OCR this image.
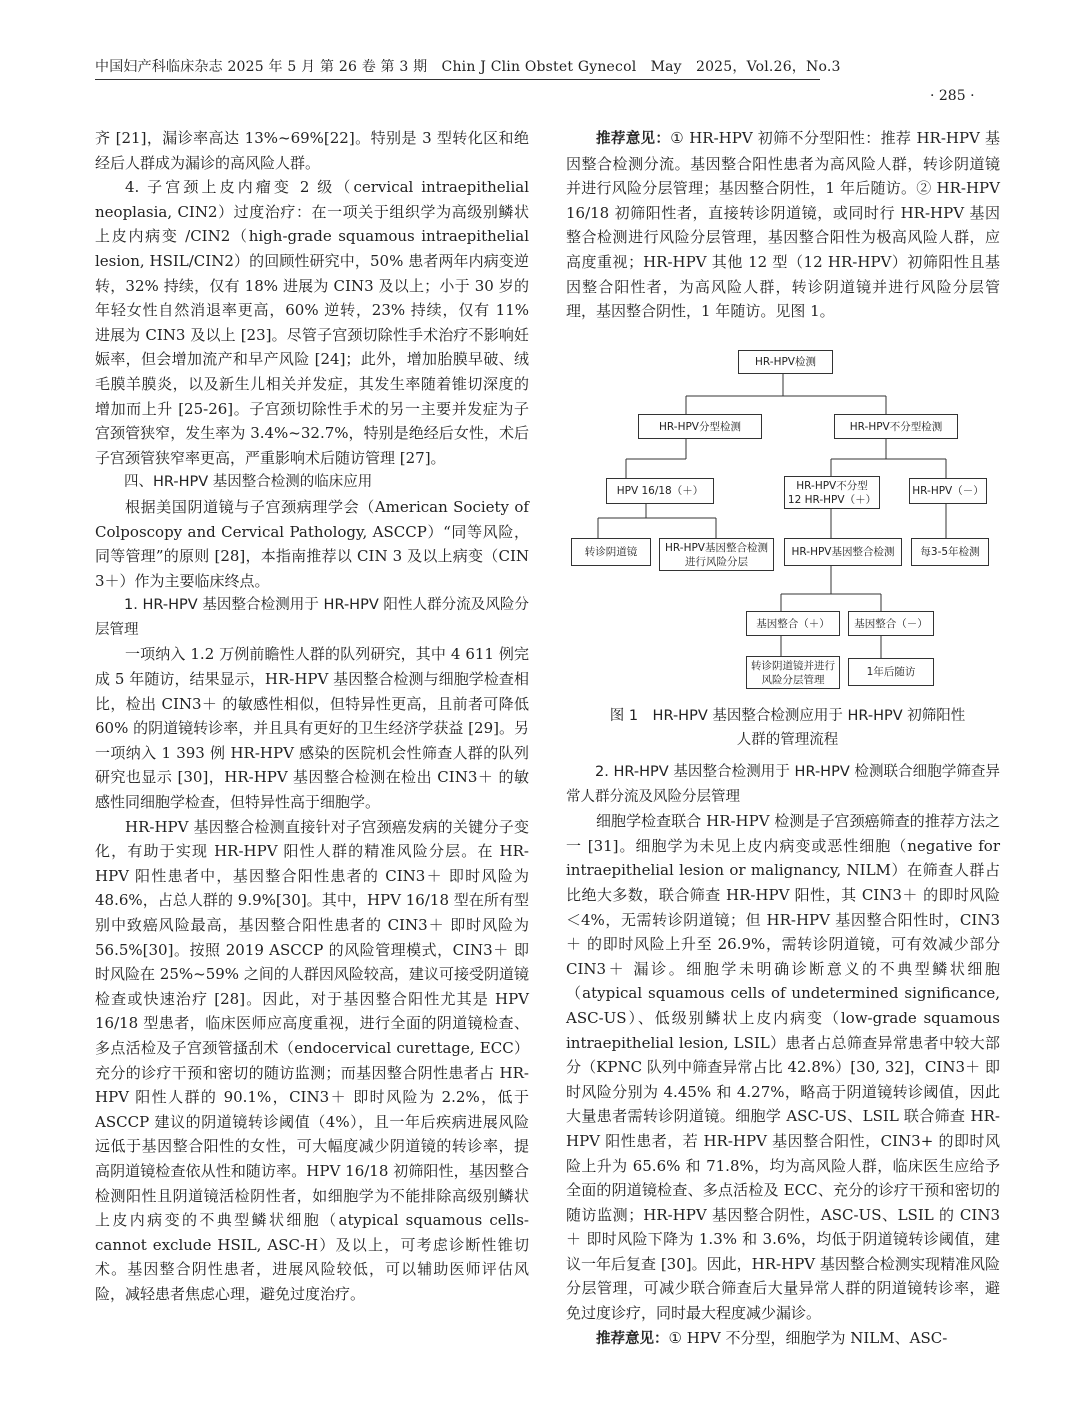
中国妇产科临床杂志 2025 年 5 月 第 26 卷 第 3 期　Chin J Clin Obstet Gynecol　May　2025，Vol.26，No.3
· 285 ·

齐 [21]，漏诊率高达 13%~69%[22]。特别是 3 型转化区和绝经后人群成为漏诊的高风险人群。

4. 子宫颈上皮内瘤变 2 级（cervical intraepithelial neoplasia, CIN2）过度治疗：在一项关于组织学为高级别鳞状上皮内病变 /CIN2（high-grade squamous intraepithelial lesion, HSIL/CIN2）的回顾性研究中，50% 患者两年内病变逆转，32% 持续，仅有 18% 进展为 CIN3 及以上；小于 30 岁的年轻女性自然消退率更高，60% 逆转，23% 持续，仅有 11% 进展为 CIN3 及以上 [23]。尽管子宫颈切除性手术治疗不影响妊娠率，但会增加流产和早产风险 [24]；此外，增加胎膜早破、绒毛膜羊膜炎，以及新生儿相关并发症，其发生率随着锥切深度的增加而上升 [25-26]。子宫颈切除性手术的另一主要并发症为子宫颈管狭窄，发生率为 3.4%~32.7%，特别是绝经后女性，术后子宫颈管狭窄率更高，严重影响术后随访管理 [27]。

四、HR-HPV 基因整合检测的临床应用

根据美国阴道镜与子宫颈病理学会（American Society of Colposcopy and Cervical Pathology, ASCCP）“同等风险，同等管理”的原则 [28]，本指南推荐以 CIN 3 及以上病变（CIN 3＋）作为主要临床终点。

1. HR-HPV 基因整合检测用于 HR-HPV 阳性人群分流及风险分层管理

一项纳入 1.2 万例前瞻性人群的队列研究，其中 4 611 例完成 5 年随访，结果显示，HR-HPV 基因整合检测与细胞学检查相比，检出 CIN3＋ 的敏感性相似，但特异性更高，且前者可降低 60% 的阴道镜转诊率，并且具有更好的卫生经济学获益 [29]。另一项纳入 1 393 例 HR-HPV 感染的医院机会性筛查人群的队列研究也显示 [30]，HR-HPV 基因整合检测在检出 CIN3＋ 的敏感性同细胞学检查，但特异性高于细胞学。

HR-HPV 基因整合检测直接针对子宫颈癌发病的关键分子变化，有助于实现 HR-HPV 阳性人群的精准风险分层。在 HR-HPV 阳性患者中，基因整合阳性患者的 CIN3＋ 即时风险为 48.6%，占总人群的 9.9%[30]。其中，HPV 16/18 型在所有型别中致癌风险最高，基因整合阳性患者的 CIN3＋ 即时风险为 56.5%[30]。按照 2019 ASCCP 的风险管理模式，CIN3＋ 即时风险在 25%~59% 之间的人群因风险较高，建议可接受阴道镜检查或快速治疗 [28]。因此，对于基因整合阳性尤其是 HPV 16/18 型患者，临床医师应高度重视，进行全面的阴道镜检查、多点活检及子宫颈管搔刮术（endocervical curettage, ECC）充分的诊疗干预和密切的随访监测；而基因整合阴性患者占 HR-HPV 阳性人群的 90.1%，CIN3＋ 即时风险为 2.2%，低于 ASCCP 建议的阴道镜转诊阈值（4%），且一年后疾病进展风险远低于基因整合阳性的女性，可大幅度减少阴道镜的转诊率，提高阴道镜检查依从性和随访率。HPV 16/18 初筛阳性，基因整合检测阳性且阴道镜活检阴性者，如细胞学为不能排除高级别鳞状上皮内病变的不典型鳞状细胞（atypical squamous cells-cannot exclude HSIL, ASC-H）及以上，可考虑诊断性锥切术。基因整合阴性患者，进展风险较低，可以辅助医师评估风险，减轻患者焦虑心理，避免过度治疗。

推荐意见：① HR-HPV 初筛不分型阳性：推荐 HR-HPV 基因整合检测分流。基因整合阳性患者为高风险人群，转诊阴道镜并进行风险分层管理；基因整合阴性，1 年后随访。② HR-HPV 16/18 初筛阳性者，直接转诊阴道镜，或同时行 HR-HPV 基因整合检测进行风险分层管理，基因整合阳性为极高风险人群，应高度重视；HR-HPV 其他 12 型（12 HR-HPV）初筛阳性且基因整合阳性者，为高风险人群，转诊阴道镜并进行风险分层管理，基因整合阴性，1 年随访。见图 1。

HR-HPV检测
HR-HPV分型检测	HR-HPV不分型检测
HPV 16/18（＋）	HR-HPV不分型
12 HR-HPV（＋）
HR-HPV（－）
转诊阴道镜	HR-HPV基因整合检测
进行风险分层
HR-HPV基因整合检测	每3-5年检测
基因整合（＋）	基因整合（－）
转诊阴道镜并进行
风险分层管理
1年后随访
图 1　HR-HPV 基因整合检测应用于 HR-HPV 初筛阳性
人群的管理流程

2. HR-HPV 基因整合检测用于 HR-HPV 检测联合细胞学筛查异常人群分流及风险分层管理

细胞学检查联合 HR-HPV 检测是子宫颈癌筛查的推荐方法之一 [31]。细胞学为未见上皮内病变或恶性细胞（negative for intraepithelial lesion or malignancy, NILM）在筛查人群占比绝大多数，联合筛查 HR-HPV 阳性，其 CIN3＋ 的即时风险＜4%，无需转诊阴道镜；但 HR-HPV 基因整合阳性时，CIN3＋ 的即时风险上升至 26.9%，需转诊阴道镜，可有效减少部分 CIN3＋ 漏诊。细胞学未明确诊断意义的不典型鳞状细胞（atypical squamous cells of undetermined significance, ASC-US）、低级别鳞状上皮内病变（low-grade squamous intraepithelial lesion, LSIL）患者占总筛查异常患者中较大部分（KPNC 队列中筛查异常占比 42.8%）[30, 32]，CIN3＋ 即时风险分别为 4.45% 和 4.27%，略高于阴道镜转诊阈值，因此大量患者需转诊阴道镜。细胞学 ASC-US、LSIL 联合筛查 HR-HPV 阳性患者，若 HR-HPV 基因整合阳性，CIN3+ 的即时风险上升为 65.6% 和 71.8%，均为高风险人群，临床医生应给予全面的阴道镜检查、多点活检及 ECC、充分的诊疗干预和密切的随访监测；HR-HPV 基因整合阴性，ASC-US、LSIL 的 CIN3＋ 即时风险下降为 1.3% 和 3.6%，均低于阴道镜转诊阈值，建议一年后复查 [30]。因此，HR-HPV 基因整合检测实现精准风险分层管理，可减少联合筛查后大量异常人群的阴道镜转诊率，避免过度诊疗，同时最大程度减少漏诊。

推荐意见：① HPV 不分型，细胞学为 NILM、ASC-
